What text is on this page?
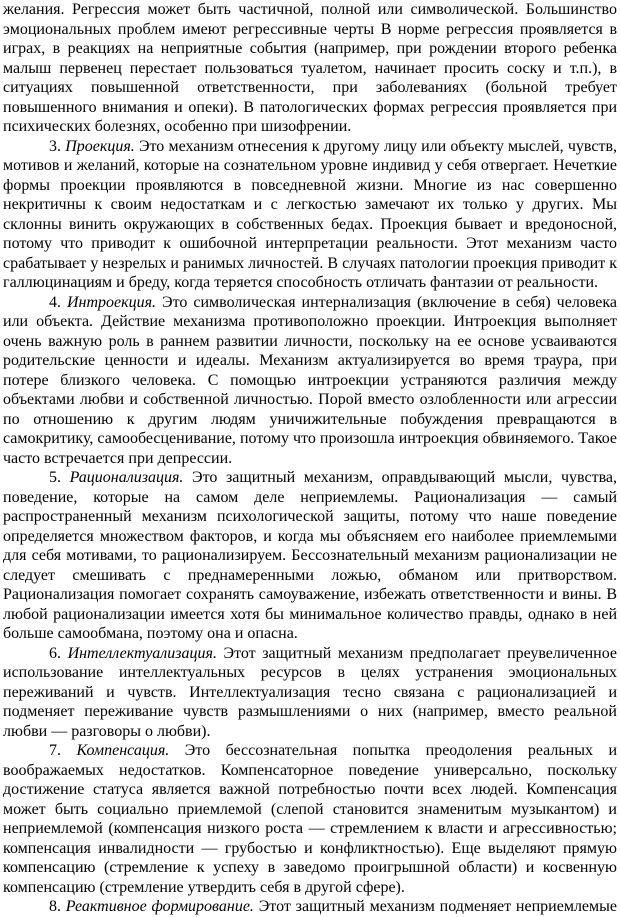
желания. Регрессия может быть частичной, полной или символической. Большинство эмоциональных проблем имеют регрессивные черты В норме регрессия проявляется в играх, в реакциях на неприятные события (например, при рождении второго ребенка малыш первенец перестает пользоваться туалетом, начинает просить соску и т.п.), в ситуациях повышенной ответственности, при заболеваниях (больной требует повышенного внимания и опеки). В патологических формах регрессия проявляется при психических болезнях, особенно при шизофрении.

3. Проекция. Это механизм отнесения к другому лицу или объекту мыслей, чувств, мотивов и желаний, которые на сознательном уровне индивид у себя отвергает. Нечеткие формы проекции проявляются в повседневной жизни. Многие из нас совершенно некритичны к своим недостаткам и с легкостью замечают их только у других. Мы склонны винить окружающих в собственных бедах. Проекция бывает и вредоносной, потому что приводит к ошибочной интерпретации реальности. Этот механизм часто срабатывает у незрелых и ранимых личностей. В случаях патологии проекция приводит к галлюцинациям и бреду, когда теряется способность отличать фантазии от реальности.

4. Интроекция. Это символическая интернализация (включение в себя) человека или объекта. Действие механизма противоположно проекции. Интроекция выполняет очень важную роль в раннем развитии личности, поскольку на ее основе усваиваются родительские ценности и идеалы. Механизм актуализируется во время траура, при потере близкого человека. С помощью интроекции устраняются различия между объектами любви и собственной личностью. Порой вместо озлобленности или агрессии по отношению к другим людям уничижительные побуждения превращаются в самокритику, самообесценивание, потому что произошла интроекция обвиняемого. Такое часто встречается при депрессии.

5. Рационализация. Это защитный механизм, оправдывающий мысли, чувства, поведение, которые на самом деле неприемлемы. Рационализация — самый распространенный механизм психологической защиты, потому что наше поведение определяется множеством факторов, и когда мы объясняем его наиболее приемлемыми для себя мотивами, то рационализируем. Бессознательный механизм рационализации не следует смешивать с преднамеренными ложью, обманом или притворством. Рационализация помогает сохранять самоуважение, избежать ответственности и вины. В любой рационализации имеется хотя бы минимальное количество правды, однако в ней больше самообмана, поэтому она и опасна.

6. Интеллектуализация. Этот защитный механизм предполагает преувеличенное использование интеллектуальных ресурсов в целях устранения эмоциональных переживаний и чувств. Интеллектуализация тесно связана с рационализацией и подменяет переживание чувств размышлениями о них (например, вместо реальной любви — разговоры о любви).

7. Компенсация. Это бессознательная попытка преодоления реальных и воображаемых недостатков. Компенсаторное поведение универсально, поскольку достижение статуса является важной потребностью почти всех людей. Компенсация может быть социально приемлемой (слепой становится знаменитым музыкантом) и неприемлемой (компенсация низкого роста — стремлением к власти и агрессивностью; компенсация инвалидности — грубостью и конфликтностью). Еще выделяют прямую компенсацию (стремление к успеху в заведомо проигрышной области) и косвенную компенсацию (стремление утвердить себя в другой сфере).

8. Реактивное формирование. Этот защитный механизм подменяет неприемлемые
